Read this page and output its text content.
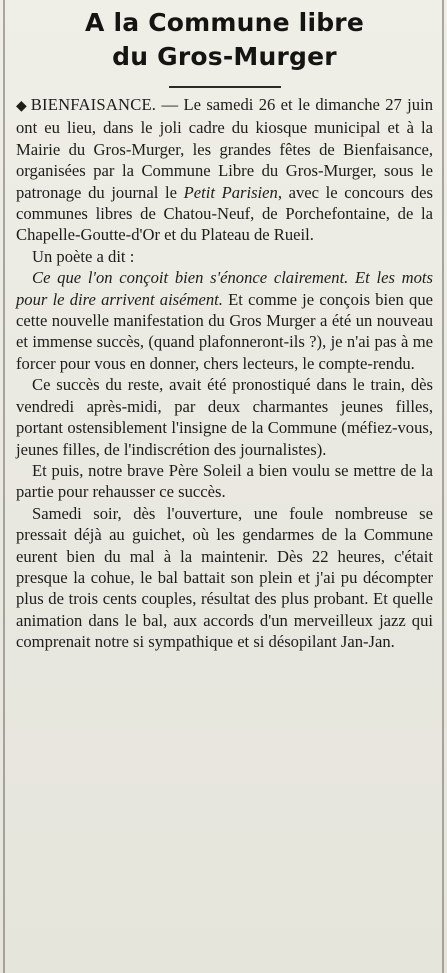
A la Commune libre
du Gros-Murger

◆ BIENFAISANCE. — Le samedi 26 et le dimanche 27 juin ont eu lieu, dans le joli cadre du kiosque municipal et à la Mairie du Gros-Murger, les grandes fêtes de Bienfaisance, organisées par la Commune Libre du Gros-Murger, sous le patronage du journal le Petit Parisien, avec le concours des communes libres de Chatou-Neuf, de Porchefontaine, de la Chapelle-Goutte-d'Or et du Plateau de Rueil.

Un poète a dit :

Ce que l'on conçoit bien s'énonce clairement. Et les mots pour le dire arrivent aisément. Et comme je conçois bien que cette nouvelle manifestation du Gros Murger a été un nouveau et immense succès, (quand plafonneront-ils ?), je n'ai pas à me forcer pour vous en donner, chers lecteurs, le compte-rendu.

Ce succès du reste, avait été pronostiqué dans le train, dès vendredi après-midi, par deux charmantes jeunes filles, portant ostensiblement l'insigne de la Commune (méfiez-vous, jeunes filles, de l'indiscrétion des journalistes).

Et puis, notre brave Père Soleil a bien voulu se mettre de la partie pour rehausser ce succès.

Samedi soir, dès l'ouverture, une foule nombreuse se pressait déjà au guichet, où les gendarmes de la Commune eurent bien du mal à la maintenir. Dès 22 heures, c'était presque la cohue, le bal battait son plein et j'ai pu décompter plus de trois cents couples, résultat des plus probant. Et quelle animation dans le bal, aux accords d'un merveilleux jazz qui comprenait notre si sympathique et si désopilant Jan-Jan.
